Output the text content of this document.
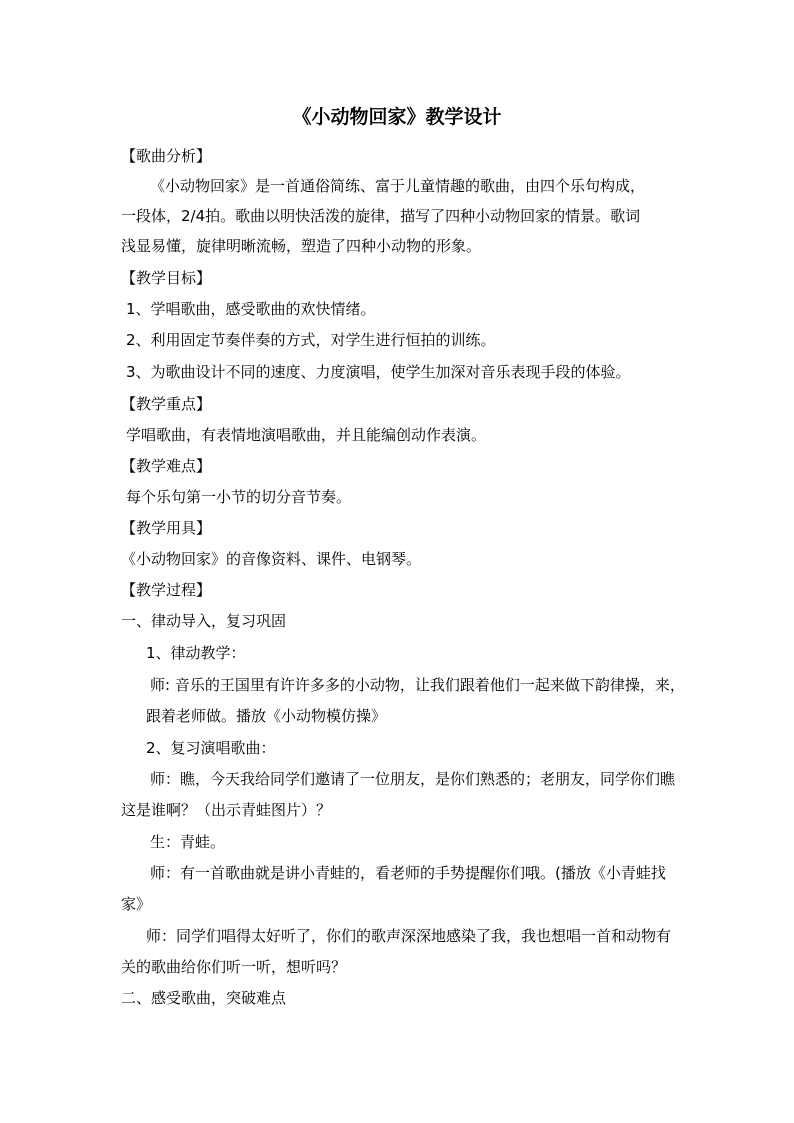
《小动物回家》教学设计
【歌曲分析】
《小动物回家》是一首通俗简练、富于儿童情趣的歌曲，由四个乐句构成，
一段体，2/4拍。歌曲以明快活泼的旋律，描写了四种小动物回家的情景。歌词
浅显易懂，旋律明晰流畅，塑造了四种小动物的形象。
【教学目标】
1、学唱歌曲，感受歌曲的欢快情绪。
2、利用固定节奏伴奏的方式，对学生进行恒拍的训练。
3、为歌曲设计不同的速度、力度演唱，使学生加深对音乐表现手段的体验。
【教学重点】
学唱歌曲，有表情地演唱歌曲，并且能编创动作表演。
【教学难点】
每个乐句第一小节的切分音节奏。
【教学用具】
《小动物回家》的音像资料、课件、电钢琴。
【教学过程】
一、律动导入，复习巩固
1、律动教学：
师: 音乐的王国里有许许多多的小动物，让我们跟着他们一起来做下韵律操，来，
跟着老师做。播放《小动物模仿操》
2、复习演唱歌曲：
师：瞧，今天我给同学们邀请了一位朋友，是你们熟悉的；老朋友，同学你们瞧
这是谁啊？（出示青蛙图片）？
生：青蛙。
师：有一首歌曲就是讲小青蛙的，看老师的手势提醒你们哦。(播放《小青蛙找
家》
师：同学们唱得太好听了，你们的歌声深深地感染了我，我也想唱一首和动物有
关的歌曲给你们听一听，想听吗？
二、感受歌曲，突破难点
